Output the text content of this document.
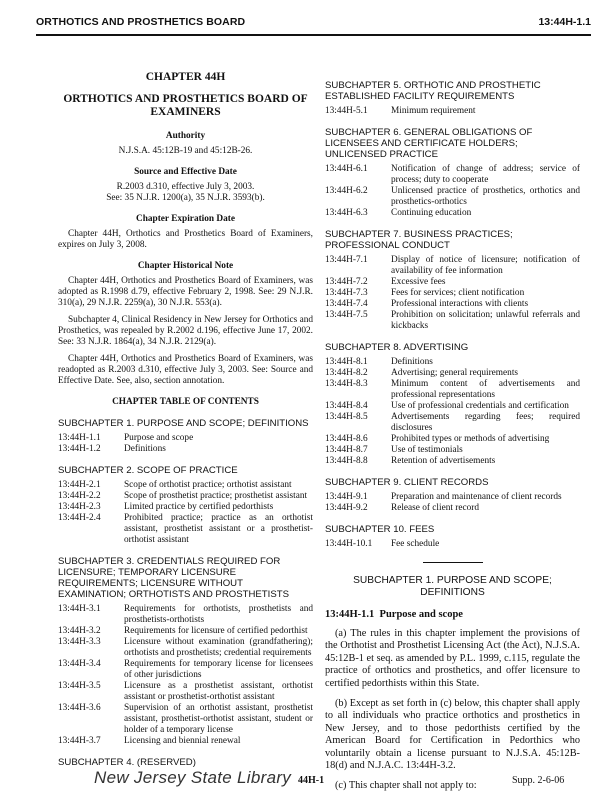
ORTHOTICS AND PROSTHETICS BOARD	13:44H-1.1
CHAPTER 44H
ORTHOTICS AND PROSTHETICS BOARD OF EXAMINERS
Authority
N.J.S.A. 45:12B-19 and 45:12B-26.
Source and Effective Date
R.2003 d.310, effective July 3, 2003.
See: 35 N.J.R. 1200(a), 35 N.J.R. 3593(b).
Chapter Expiration Date

Chapter 44H, Orthotics and Prosthetics Board of Examiners, expires on July 3, 2008.

Chapter Historical Note

Chapter 44H, Orthotics and Prosthetics Board of Examiners, was adopted as R.1998 d.79, effective February 2, 1998. See: 29 N.J.R. 310(a), 29 N.J.R. 2259(a), 30 N.J.R. 553(a).

Subchapter 4, Clinical Residency in New Jersey for Orthotics and Prosthetics, was repealed by R.2002 d.196, effective June 17, 2002. See: 33 N.J.R. 1864(a), 34 N.J.R. 2129(a).

Chapter 44H, Orthotics and Prosthetics Board of Examiners, was readopted as R.2003 d.310, effective July 3, 2003. See: Source and Effective Date. See, also, section annotation.

CHAPTER TABLE OF CONTENTS
SUBCHAPTER 1. PURPOSE AND SCOPE; DEFINITIONS
13:44H-1.1	Purpose and scope
13:44H-1.2	Definitions
SUBCHAPTER 2. SCOPE OF PRACTICE
13:44H-2.1	Scope of orthotist practice; orthotist assistant
13:44H-2.2	Scope of prosthetist practice; prosthetist assistant
13:44H-2.3	Limited practice by certified pedorthists
13:44H-2.4	Prohibited practice; practice as an orthotist assistant, prosthetist assistant or a prosthetist-orthotist assistant
SUBCHAPTER 3. CREDENTIALS REQUIRED FOR LICENSURE; TEMPORARY LICENSURE REQUIREMENTS; LICENSURE WITHOUT EXAMINATION; ORTHOTISTS AND PROSTHETISTS
13:44H-3.1	Requirements for orthotists, prosthetists and prosthetists-orthotists
13:44H-3.2	Requirements for licensure of certified pedorthist
13:44H-3.3	Licensure without examination (grandfathering); orthotists and prosthetists; credential requirements
13:44H-3.4	Requirements for temporary license for licensees of other jurisdictions
13:44H-3.5	Licensure as a prosthetist assistant, orthotist assistant or prosthetist-orthotist assistant
13:44H-3.6	Supervision of an orthotist assistant, prosthetist assistant, prosthetist-orthotist assistant, student or holder of a temporary license
13:44H-3.7	Licensing and biennial renewal
SUBCHAPTER 4. (RESERVED)
SUBCHAPTER 5. ORTHOTIC AND PROSTHETIC ESTABLISHED FACILITY REQUIREMENTS
13:44H-5.1	Minimum requirement
SUBCHAPTER 6. GENERAL OBLIGATIONS OF LICENSEES AND CERTIFICATE HOLDERS; UNLICENSED PRACTICE
13:44H-6.1	Notification of change of address; service of process; duty to cooperate
13:44H-6.2	Unlicensed practice of prosthetics, orthotics and prosthetics-orthotics
13:44H-6.3	Continuing education
SUBCHAPTER 7. BUSINESS PRACTICES; PROFESSIONAL CONDUCT
13:44H-7.1	Display of notice of licensure; notification of availability of fee information
13:44H-7.2	Excessive fees
13:44H-7.3	Fees for services; client notification
13:44H-7.4	Professional interactions with clients
13:44H-7.5	Prohibition on solicitation; unlawful referrals and kickbacks
SUBCHAPTER 8. ADVERTISING
13:44H-8.1	Definitions
13:44H-8.2	Advertising; general requirements
13:44H-8.3	Minimum content of advertisements and professional representations
13:44H-8.4	Use of professional credentials and certification
13:44H-8.5	Advertisements regarding fees; required disclosures
13:44H-8.6	Prohibited types or methods of advertising
13:44H-8.7	Use of testimonials
13:44H-8.8	Retention of advertisements
SUBCHAPTER 9. CLIENT RECORDS
13:44H-9.1	Preparation and maintenance of client records
13:44H-9.2	Release of client record
SUBCHAPTER 10. FEES
13:44H-10.1	Fee schedule
SUBCHAPTER 1. PURPOSE AND SCOPE; DEFINITIONS
13:44H-1.1 Purpose and scope

(a) The rules in this chapter implement the provisions of the Orthotist and Prosthetist Licensing Act (the Act), N.J.S.A. 45:12B-1 et seq. as amended by P.L. 1999, c.115, regulate the practice of orthotics and prosthetics, and offer licensure to certified pedorthists within this State.

(b) Except as set forth in (c) below, this chapter shall apply to all individuals who practice orthotics and prosthetics in New Jersey, and to those pedorthists certified by the American Board for Certification in Pedorthics who voluntarily obtain a license pursuant to N.J.S.A. 45:12B-18(d) and N.J.A.C. 13:44H-3.2.

(c) This chapter shall not apply to:

New Jersey State Library 44H-1	Supp. 2-6-06
